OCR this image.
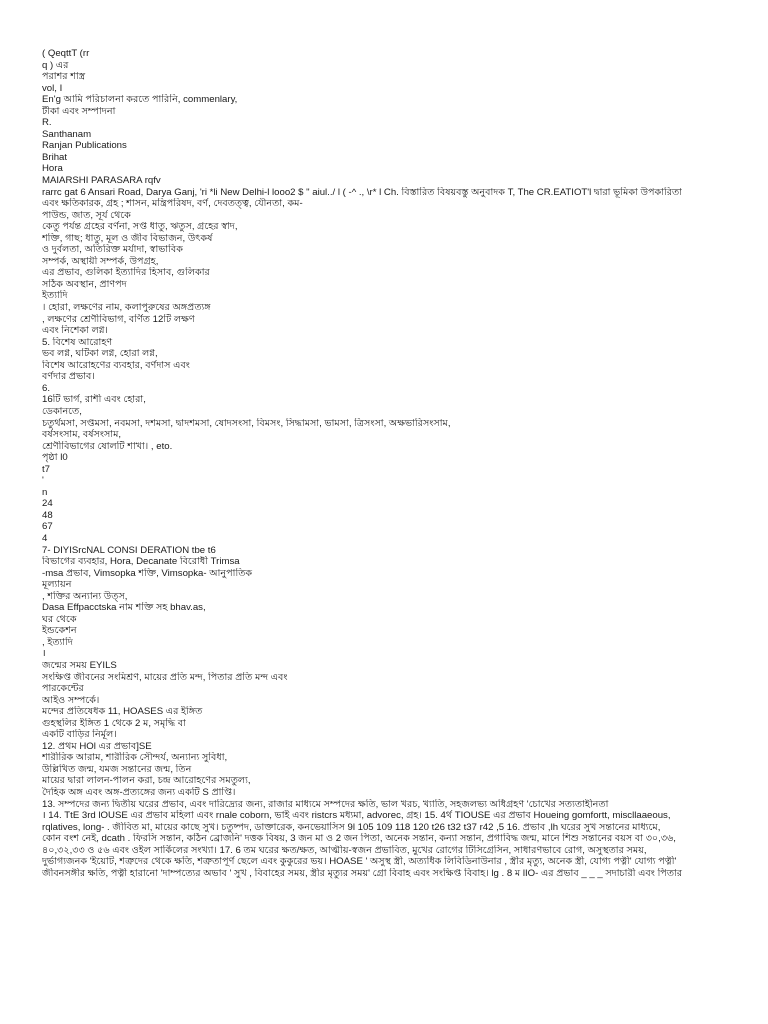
( QeqttT (rr
q ) এর
পরাশর শাস্ত্র
vol, I
En'g আমি পরিচালনা করতে পারিনি, commenlary,
টীকা এবং সম্পাদনা
R.
Santhanam
Ranjan Publications
Brihat
Hora
MAIARSHI PARASARA rqfv
rarrc gat 6 Ansari Road, Darya Ganj, 'ri *li New Delhi-l looo2 $ " aiul../ l ( -^ ., \r* l Ch. বিস্তারিত বিষয়বস্তু অনুবাদক T, The CR.EATIOT'l দ্বারা ভূমিকা উপকারিতা
এবং ক্ষতিকারক, গ্রহ ; শাসন, মন্ত্রিপরিষদ, বর্ণ, দেবতত্ত্ব, যৌনতা, কম-
পাউন্ড, জাত, সূর্য থেকে
কেতু পর্যন্ত গ্রহের বর্ণনা, সপ্ত ধাতু, ঋতুস, গ্রহের স্বাদ,
শক্তি, গাছ; ধাতু, মূল ও জীব বিভাজন, উৎকর্ষ
ও দুর্বলতা, অতিরিক্ত মর্যাদা, স্বাভাবিক
সম্পর্ক, অস্থায়ী সম্পর্ক, উপগ্রহ,
এর প্রভাব, গুলিকা ইত্যাদির হিসাব, গুলিকার
সঠিক অবস্থান, প্রাণপদ
ইত্যাদি
। হোরা, লক্ষণের নাম, কলাপুরুষের অঙ্গপ্রত্যঙ্গ
, লক্ষণের শ্রেণীবিভাগ, বর্ণিত 12টি লক্ষণ
এবং নিশেকা লগ্ন।
5. বিশেষ আরোহণ
ভব লগ্ন, ঘটিকা লগ্ন, হোরা লগ্ন,
বিশেষ আরোহণের ব্যবহার, বর্ণদাস এবং
বর্ণদার প্রভাব।
6.
16টি ভার্গ, রাশী এবং হোরা,
ডেকানতে,
চতুর্থমসা, সপ্তমসা, নবমসা, দশমসা, দ্বাদশমসা, ষোদসংসা, বিমসং, সিদ্ধামসা, ভামসা, ত্রিসংসা, অক্ষভারিসংসাম,
বর্ষসংসাম, বর্ষসংসাম,
শ্রেণীবিভাগের ষোলটি শাখা। , eto.
পৃষ্ঠা l0
t7
'
n
24
48
67
4
7- DIYISrcNAL CONSI DERATION tbe t6
বিভাগের ব্যবহার, Hora, Decanate বিরোধী Trimsa
-msa প্রভাব, Vimsopka শক্তি, Vimsopka- আনুপাতিক
মূল্যায়ন
, শক্তির অন্যান্য উত্স,
Dasa Effpacctska নাম শক্তি সহ bhav.as,
ঘর থেকে
ইন্ডকেশন
, ইত্যাদি
।
জন্মের সময় EYILS
সংক্ষিপ্ত জীবনের সংমিশ্রণ, মায়ের প্রতি মন্দ, পিতার প্রতি মন্দ এবং
পারকেন্টের
আইও সম্পর্কে।
মন্দের প্রতিষেধক 11, HOASES এর ইঙ্গিত
গুহস্থলির ইঙ্গিত 1 থেকে 2 ম, সমৃদ্ধি বা
একটি বাড়ির নির্মূল।
12. প্রথম HOl এর প্রভাব]SE
শারীরিক আরাম, শারীরিক সৌন্দর্য, অন্যান্য সুবিধা,
উল্লিখিত জন্ম, যমজ সন্তানের জন্ম, তিন
মায়ের দ্বারা লালন-পালন করা, চন্দ্র আরোহণের সমতুল্য,
দৈহিক অঙ্গ এবং অঙ্গ-প্রত্যঙ্গের জন্য একটি S প্রাপ্তি।
13. সম্পদের জন্য দ্বিতীয় ঘরের প্রভাব, এবং দারিদ্র্যের জন্য, রাজার মাধ্যমে সম্পদের ক্ষতি, ভাল খরচ, খ্যাতি, সহজলভ্য অধিগ্রহণ 'চোখের সত্যতাহীনতা
। 14. TtE 3rd lOUSE এর প্রভাব মহিলা এবং rnale coborn, ভাই এবং ristcrs মধ্যমা, advorec, গ্রহ। 15. 4র্থ TIOUSE এর প্রভাব Houeing gomfortt, miscllaaeous,
rqlatives, long- . জীবিত মা, মায়ের কাছে সুখ। চতুষ্পদ, ডাক্তারেক, কনভেয়াসিস 9l 105 109 118 120 t26 t32 t37 r42 ,5 16. প্রভাব ,lh ঘরের সুখ সন্তানের মাধ্যমে,
কোন বংশ নেই, dcath . ফিরসি সন্তান, কঠিন ব্রোজনি' দত্তক বিষয়, 3 জন মা ও 2 জন পিতা, অনেক সন্তান, কন্যা সন্তান, প্রগাবিদ্ধ জন্ম, মানে শিশু সন্তানের বয়স বা ৩০,৩৬,
৪০,৩২,৩৩ ও ৫৬ এবং ওইল সার্কিলের সংখ্যা। 17. 6 তম ঘরের ক্ষত/ক্ষত, আত্মীয়-স্বজন প্রভাবিত, মুখের রোগের টিসিগ্রেসিন, সাধারণভাবে রোগ, অসুস্থতার সময়,
দুর্ভাগ্যজনক 'ইয়োট, শত্রুদের থেকে ক্ষতি, শত্রুতাপূর্ণ ছেলে এবং কুকুরের ভয়। HOASE ' অসুস্থ স্ত্রী, অত্যধিক লিবিডিনাউনার , স্ত্রীর মৃত্যু, অনেক স্ত্রী, যোগ্য পত্নী' যোগ্য পত্নী'
জীবনসঙ্গীর ক্ষতি, পত্নী হারানো 'দাম্পত্যের অভাব ' সুখ , বিবাহের সময়, স্ত্রীর মৃত্যুর সময়' গ্রো বিবাহ এবং সংক্ষিপ্ত বিবাহ। lg . 8 ম lIO- এর প্রভাব _ _ _ সদাচারী এবং পিতার
